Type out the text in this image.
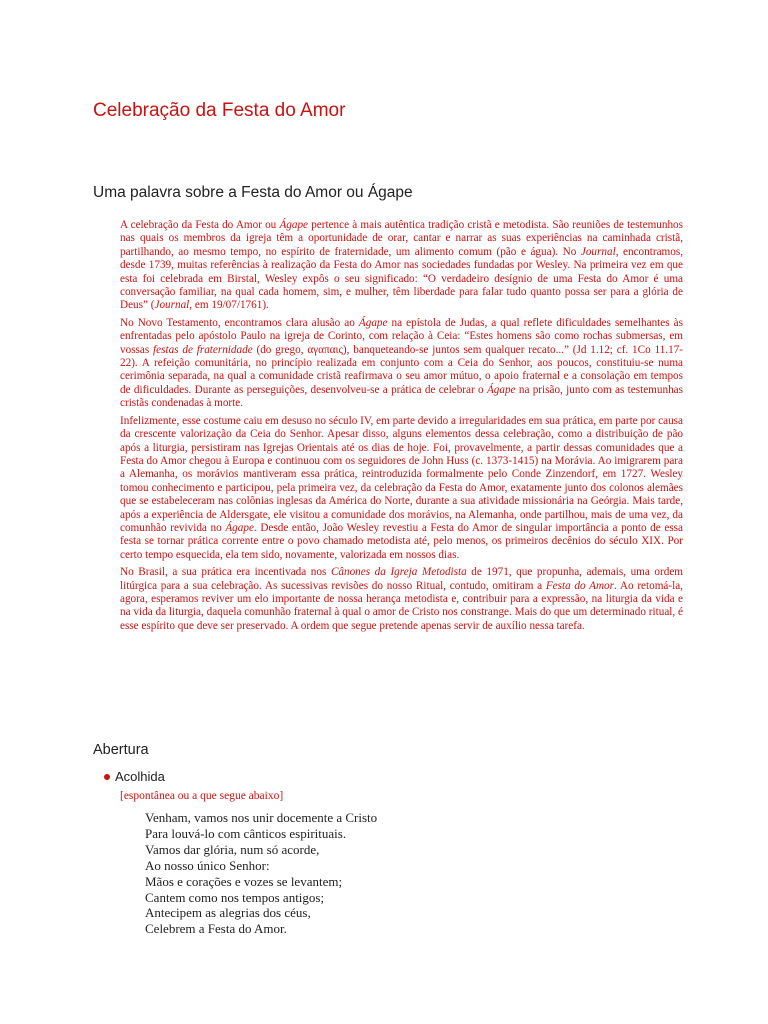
Celebração da Festa do Amor
Uma palavra sobre a Festa do Amor ou Ágape

A celebração da Festa do Amor ou Ágape pertence à mais autêntica tradição cristã e metodista. São reuniões de testemunhos nas quais os membros da igreja têm a oportunidade de orar, cantar e narrar as suas experiências na caminhada cristã, partilhando, ao mesmo tempo, no espírito de fraternidade, um alimento comum (pão e água). No Journal, encontramos, desde 1739, muitas referências à realização da Festa do Amor nas sociedades fundadas por Wesley. Na primeira vez em que esta foi celebrada em Birstal, Wesley expôs o seu significado: “O verdadeiro desígnio de uma Festa do Amor é uma conversação familiar, na qual cada homem, sim, e mulher, têm liberdade para falar tudo quanto possa ser para a glória de Deus” (Journal, em 19/07/1761).

No Novo Testamento, encontramos clara alusão ao Ágape na epístola de Judas, a qual reflete dificuldades semelhantes às enfrentadas pelo apóstolo Paulo na igreja de Corinto, com relação à Ceia: “Estes homens são como rochas submersas, em vossas festas de fraternidade (do grego, αγαπαις), banqueteando-se juntos sem qualquer recato...” (Jd 1.12; cf. 1Co 11.17-22). A refeição comunitária, no princípio realizada em conjunto com a Ceia do Senhor, aos poucos, constituiu-se numa cerimônia separada, na qual a comunidade cristã reafirmava o seu amor mútuo, o apoio fraternal e a consolação em tempos de dificuldades. Durante as perseguições, desenvolveu-se a prática de celebrar o Ágape na prisão, junto com as testemunhas cristãs condenadas à morte.

Infelizmente, esse costume caiu em desuso no século IV, em parte devido a irregularidades em sua prática, em parte por causa da crescente valorização da Ceia do Senhor. Apesar disso, alguns elementos dessa celebração, como a distribuição de pão após a liturgia, persistiram nas Igrejas Orientais até os dias de hoje. Foi, provavelmente, a partir dessas comunidades que a Festa do Amor chegou à Europa e continuou com os seguidores de John Huss (c. 1373-1415) na Morávia. Ao imigrarem para a Alemanha, os morávios mantiveram essa prática, reintroduzida formalmente pelo Conde Zinzendorf, em 1727. Wesley tomou conhecimento e participou, pela primeira vez, da celebração da Festa do Amor, exatamente junto dos colonos alemães que se estabeleceram nas colônias inglesas da América do Norte, durante a sua atividade missionária na Geórgia. Mais tarde, após a experiência de Aldersgate, ele visitou a comunidade dos morávios, na Alemanha, onde partilhou, mais de uma vez, da comunhão revivida no Ágape. Desde então, João Wesley revestiu a Festa do Amor de singular importância a ponto de essa festa se tornar prática corrente entre o povo chamado metodista até, pelo menos, os primeiros decênios do século XIX. Por certo tempo esquecida, ela tem sido, novamente, valorizada em nossos dias.

No Brasil, a sua prática era incentivada nos Cânones da Igreja Metodista de 1971, que propunha, ademais, uma ordem litúrgica para a sua celebração. As sucessivas revisões do nosso Ritual, contudo, omitiram a Festa do Amor. Ao retomá-la, agora, esperamos reviver um elo importante de nossa herança metodista e, contribuir para a expressão, na liturgia da vida e na vida da liturgia, daquela comunhão fraternal à qual o amor de Cristo nos constrange. Mais do que um determinado ritual, é esse espírito que deve ser preservado. A ordem que segue pretende apenas servir de auxílio nessa tarefa.

Abertura
Acolhida
[espontânea ou a que segue abaixo]
Venham, vamos nos unir docemente a Cristo
Para louvá-lo com cânticos espirituais.
Vamos dar glória, num só acorde,
Ao nosso único Senhor:
Mãos e corações e vozes se levantem;
Cantem como nos tempos antigos;
Antecipem as alegrias dos céus,
Celebrem a Festa do Amor.
